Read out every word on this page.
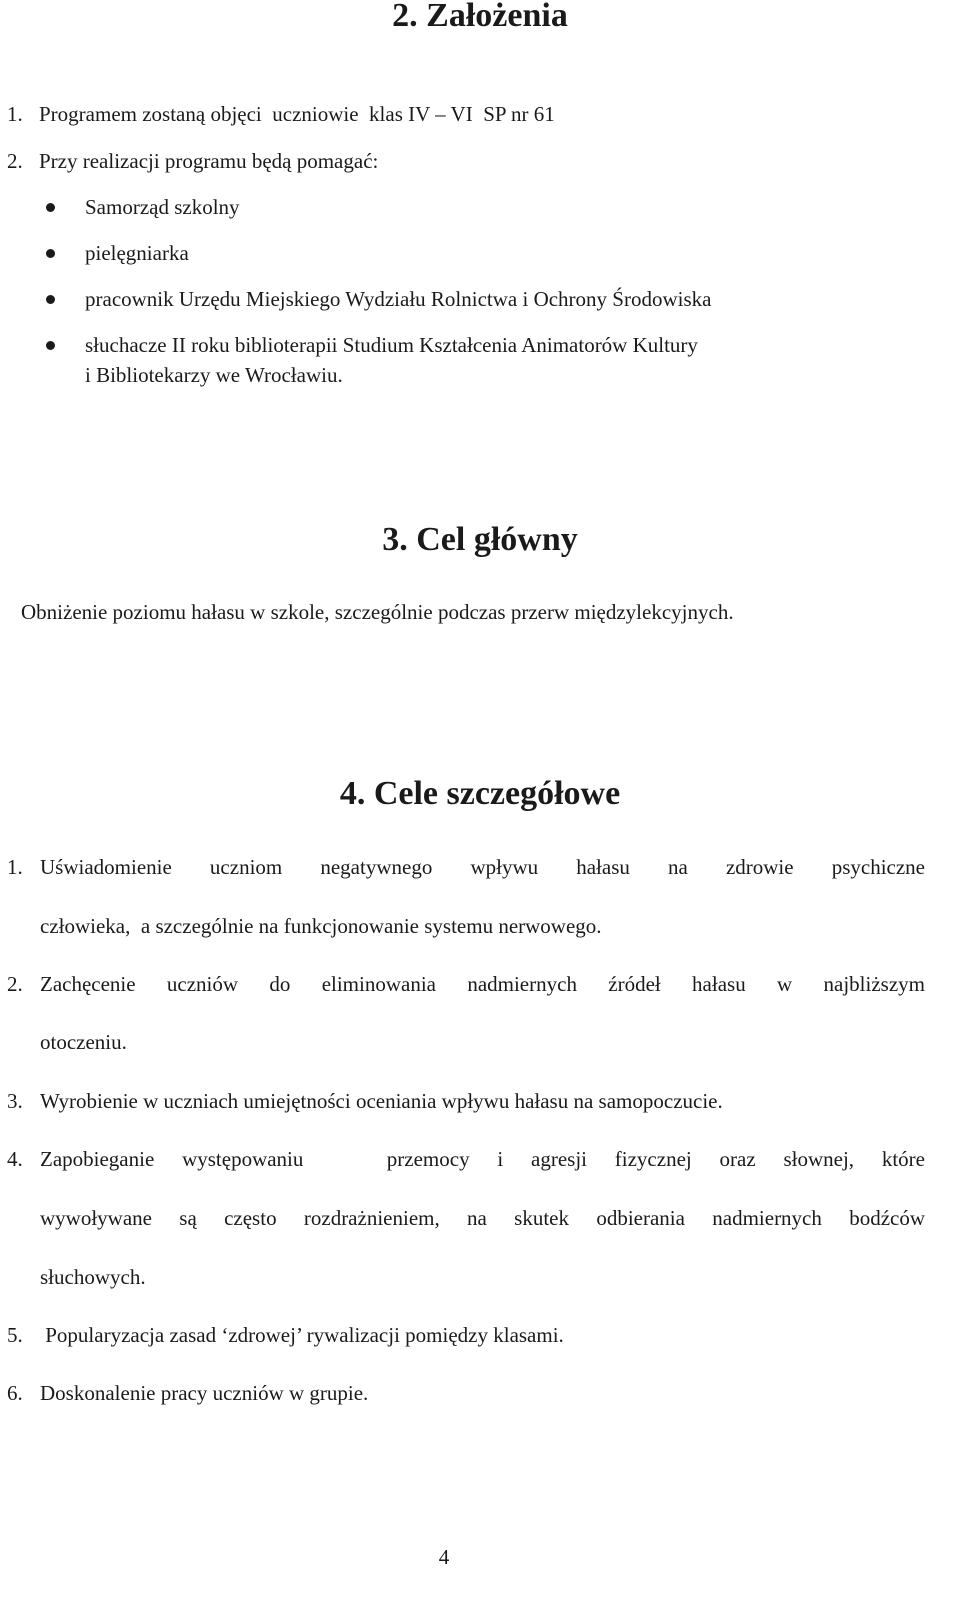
2. Założenia
1. Programem zostaną objęci  uczniowie  klas IV – VI  SP nr 61
2. Przy realizacji programu będą pomagać:
Samorząd szkolny
pielęgniarka
pracownik Urzędu Miejskiego Wydziału Rolnictwa i Ochrony Środowiska
słuchacze II roku biblioterapii Studium Kształcenia Animatorów Kultury
i Bibliotekarzy we Wrocławiu.
3. Cel główny
Obniżenie poziomu hałasu w szkole, szczególnie podczas przerw międzylekcyjnych.
4. Cele szczegółowe
1. Uświadomienie uczniom negatywnego wpływu hałasu na zdrowie psychiczne
człowieka,  a szczególnie na funkcjonowanie systemu nerwowego.
2. Zachęcenie uczniów do eliminowania nadmiernych źródeł hałasu w najbliższym
otoczeniu.
3. Wyrobienie w uczniach umiejętności oceniania wpływu hałasu na samopoczucie.
4. Zapobieganie występowaniu   przemocy i agresji fizycznej oraz słownej, które
wywoływane są często rozdrażnieniem, na skutek odbierania nadmiernych bodźców
słuchowych.
5. Popularyzacja zasad ‘zdrowej’ rywalizacji pomiędzy klasami.
6. Doskonalenie pracy uczniów w grupie.
4
